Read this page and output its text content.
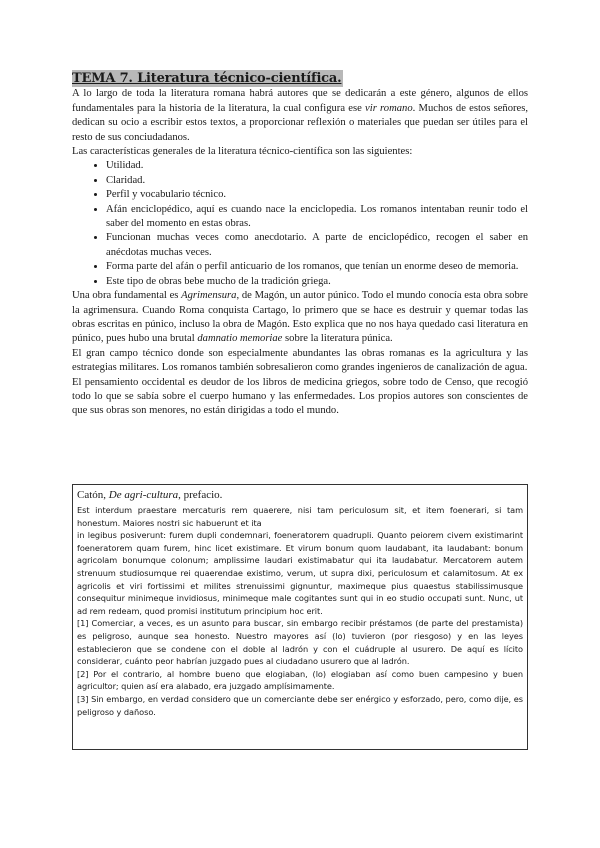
TEMA 7. Literatura técnico-científica.

A lo largo de toda la literatura romana habrá autores que se dedicarán a este género, algunos de ellos fundamentales para la historia de la literatura, la cual configura ese vir romano. Muchos de estos señores, dedican su ocio a escribir estos textos, a proporcionar reflexión o materiales que puedan ser útiles para el resto de sus conciudadanos.

Las características generales de la literatura técnico-científica son las siguientes:

• Utilidad.
• Claridad.
• Perfil y vocabulario técnico.
• Afán enciclopédico, aquí es cuando nace la enciclopedia. Los romanos intentaban reunir todo el saber del momento en estas obras.
• Funcionan muchas veces como anecdotario. A parte de enciclopédico, recogen el saber en anécdotas muchas veces.
• Forma parte del afán o perfil anticuario de los romanos, que tenían un enorme deseo de memoria.
• Este tipo de obras bebe mucho de la tradición griega.

Una obra fundamental es Agrimensura, de Magón, un autor púnico. Todo el mundo conocía esta obra sobre la agrimensura. Cuando Roma conquista Cartago, lo primero que se hace es destruir y quemar todas las obras escritas en púnico, incluso la obra de Magón. Esto explica que no nos haya quedado casi literatura en púnico, pues hubo una brutal damnatio memoriae sobre la literatura púnica.

El gran campo técnico donde son especialmente abundantes las obras romanas es la agricultura y las estrategias militares. Los romanos también sobresalieron como grandes ingenieros de canalización de agua.

El pensamiento occidental es deudor de los libros de medicina griegos, sobre todo de Censo, que recogió todo lo que se sabía sobre el cuerpo humano y las enfermedades. Los propios autores son conscientes de que sus obras son menores, no están dirigidas a todo el mundo.

Catón, De agri-cultura, prefacio.

Est interdum praestare mercaturis rem quaerere, nisi tam periculosum sit, et item foenerari, si tam honestum. Maiores nostri sic habuerunt et ita

in legibus posiverunt: furem dupli condemnari, foeneratorem quadrupli. Quanto peiorem civem existimarint foeneratorem quam furem, hinc licet existimare. Et virum bonum quom laudabant, ita laudabant: bonum agricolam bonumque colonum; amplissime laudari existimabatur qui ita laudabatur. Mercatorem autem strenuum studiosumque rei quaerendae existimo, verum, ut supra dixi, periculosum et calamitosum. At ex agricolis et viri fortissimi et milites strenuissimi gignuntur, maximeque pius quaestus stabilissimusque consequitur minimeque invidiosus, minimeque male cogitantes sunt qui in eo studio occupati sunt. Nunc, ut ad rem redeam, quod promisi institutum principium hoc erit.

[1] Comerciar, a veces, es un asunto para buscar, sin embargo recibir préstamos (de parte del prestamista) es peligroso, aunque sea honesto. Nuestro mayores así (lo) tuvieron (por riesgoso) y en las leyes establecieron que se condene con el doble al ladrón y con el cuádruple al usurero. De aquí es lícito considerar, cuánto peor habrían juzgado pues al ciudadano usurero que al ladrón.

[2] Por el contrario, al hombre bueno que elogiaban, (lo) elogiaban así como buen campesino y buen agricultor; quien así era alabado, era juzgado amplísimamente.

[3] Sin embargo, en verdad considero que un comerciante debe ser enérgico y esforzado, pero, como dije, es peligroso y dañoso.
